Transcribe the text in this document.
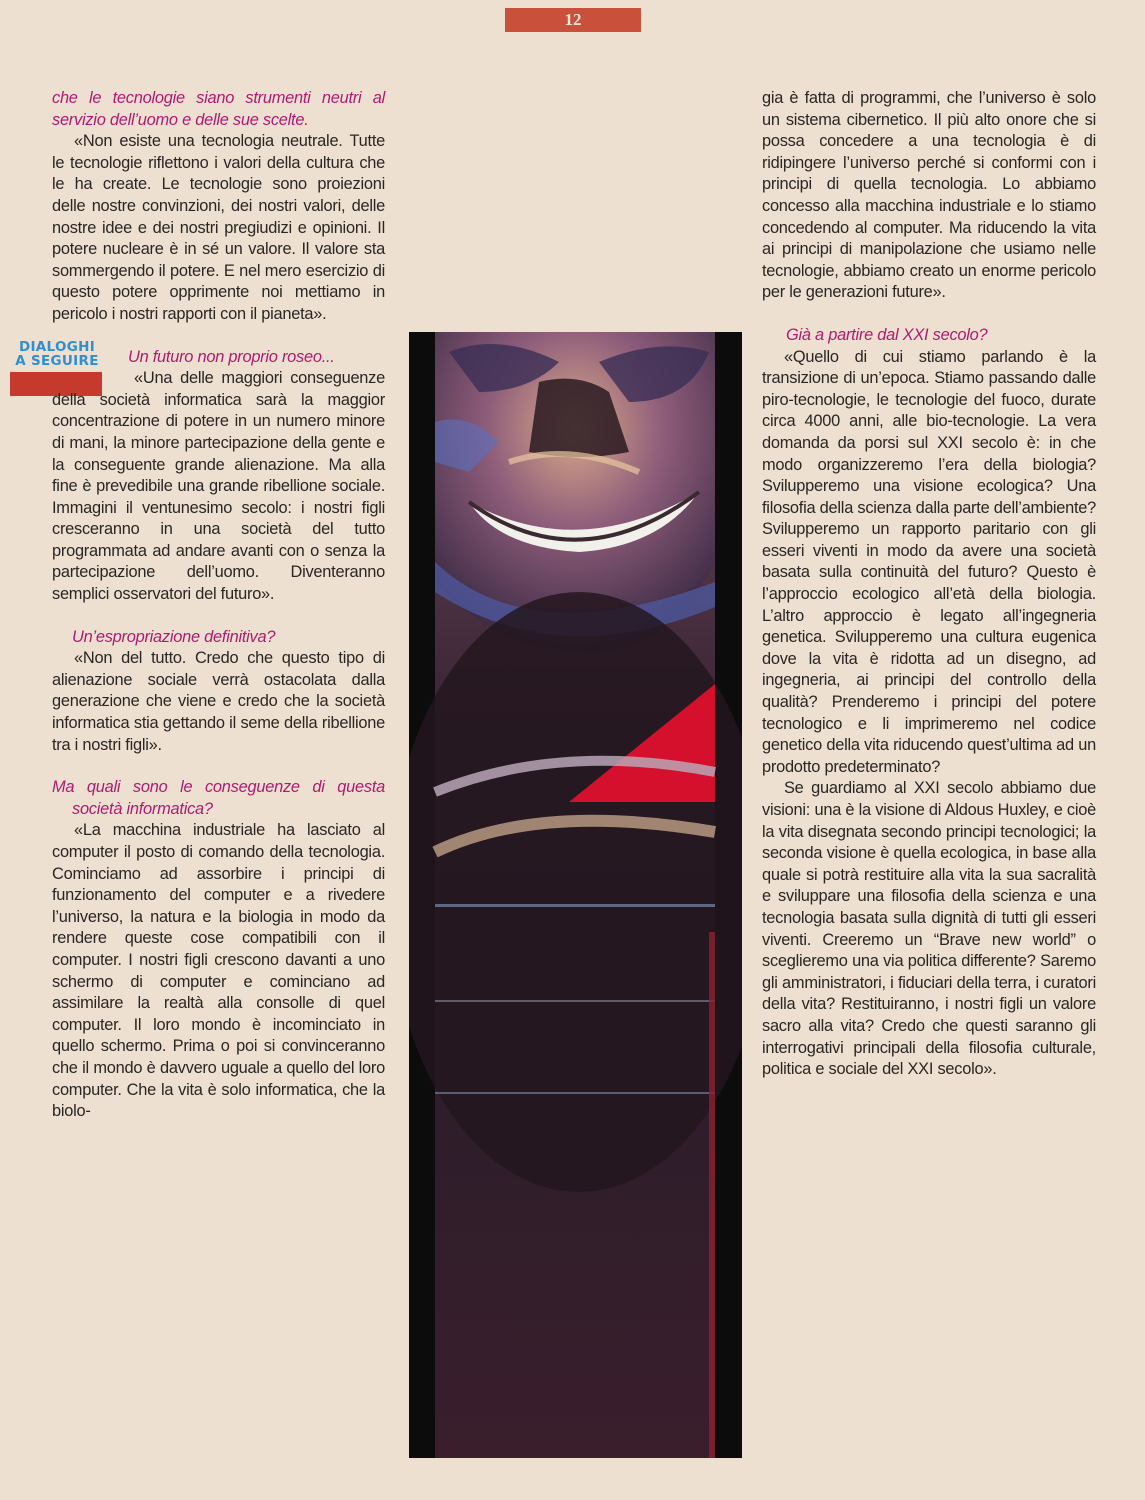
12
DIALOGHI
A SEGUIRE

che le tecnologie siano strumenti neutri al servizio dell’uomo e delle sue scelte.

«Non esiste una tecnologia neutrale. Tutte le tecnologie riflettono i valori della cultura che le ha create. Le tecnologie sono proiezioni delle nostre convinzioni, dei nostri valori, delle nostre idee e dei nostri pregiudizi e opinioni. Il potere nucleare è in sé un valore. Il valore sta sommergendo il potere. E nel mero esercizio di questo potere opprimente noi mettiamo in pericolo i nostri rapporti con il pianeta».

Un futuro non proprio roseo...

«Una delle maggiori conseguenze della società informatica sarà la maggior concentrazione di potere in un numero minore di mani, la minore partecipazione della gente e la conseguente grande alienazione. Ma alla fine è prevedibile una grande ribellione sociale. Immagini il ventunesimo secolo: i nostri figli cresceranno in una società del tutto programmata ad andare avanti con o senza la partecipazione dell’uomo. Diventeranno semplici osservatori del futuro».

Un’espropriazione definitiva?

«Non del tutto. Credo che questo tipo di alienazione sociale verrà ostacolata dalla generazione che viene e credo che la società informatica stia gettando il seme della ribellione tra i nostri figli».

Ma quali sono le conseguenze di questa società informatica?

«La macchina industriale ha lasciato al computer il posto di comando della tecnologia. Cominciamo ad assorbire i principi di funzionamento del computer e a rivedere l’universo, la natura e la biologia in modo da rendere queste cose compatibili con il computer. I nostri figli crescono davanti a uno schermo di computer e cominciano ad assimilare la realtà alla consolle di quel computer. Il loro mondo è incominciato in quello schermo. Prima o poi si convinceranno che il mondo è davvero uguale a quello del loro computer. Che la vita è solo informatica, che la biolo-

gia è fatta di programmi, che l’universo è solo un sistema cibernetico. Il più alto onore che si possa concedere a una tecnologia è di ridipingere l’universo perché si conformi con i principi di quella tecnologia. Lo abbiamo concesso alla macchina industriale e lo stiamo concedendo al computer. Ma riducendo la vita ai principi di manipolazione che usiamo nelle tecnologie, abbiamo creato un enorme pericolo per le generazioni future».

Già a partire dal XXI secolo?

«Quello di cui stiamo parlando è la transizione di un’epoca. Stiamo passando dalle piro-tecnologie, le tecnologie del fuoco, durate circa 4000 anni, alle bio-tecnologie. La vera domanda da porsi sul XXI secolo è: in che modo organizzeremo l’era della biologia? Svilupperemo una visione ecologica? Una filosofia della scienza dalla parte dell’ambiente? Svilupperemo un rapporto paritario con gli esseri viventi in modo da avere una società basata sulla continuità del futuro? Questo è l’approccio ecologico all’età della biologia. L’altro approccio è legato all’ingegneria genetica. Svilupperemo una cultura eugenica dove la vita è ridotta ad un disegno, ad ingegneria, ai principi del controllo della qualità? Prenderemo i principi del potere tecnologico e li imprimeremo nel codice genetico della vita riducendo quest’ultima ad un prodotto predeterminato?

Se guardiamo al XXI secolo abbiamo due visioni: una è la visione di Aldous Huxley, e cioè la vita disegnata secondo principi tecnologici; la seconda visione è quella ecologica, in base alla quale si potrà restituire alla vita la sua sacralità e sviluppare una filosofia della scienza e una tecnologia basata sulla dignità di tutti gli esseri viventi. Creeremo un “Brave new world” o sceglieremo una via politica differente? Saremo gli amministratori, i fiduciari della terra, i curatori della vita? Restituiranno, i nostri figli un valore sacro alla vita? Credo che questi saranno gli interrogativi principali della filosofia culturale, politica e sociale del XXI secolo».
